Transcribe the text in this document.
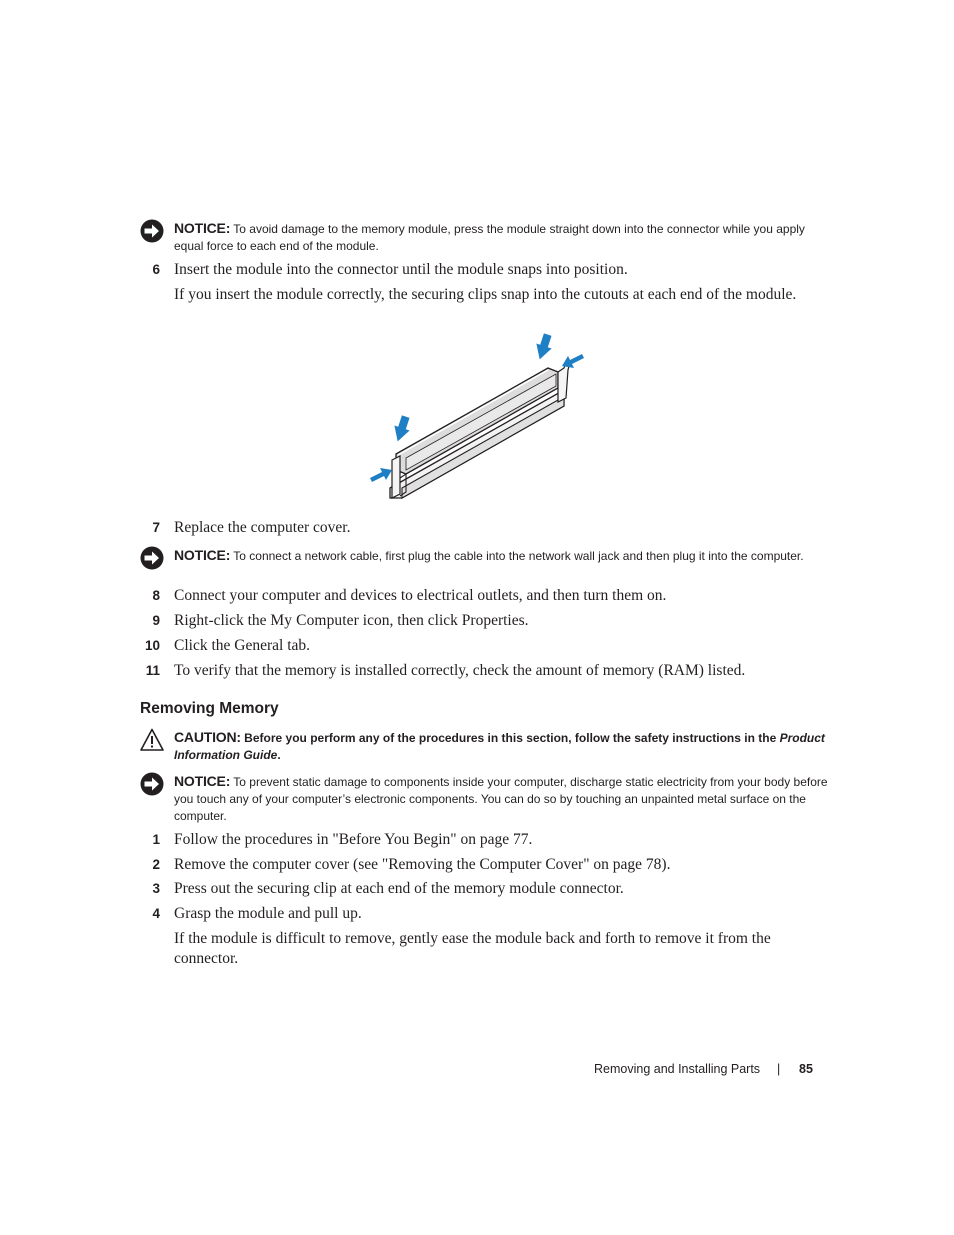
NOTICE: To avoid damage to the memory module, press the module straight down into the connector while you apply equal force to each end of the module.
6 Insert the module into the connector until the module snaps into position.
If you insert the module correctly, the securing clips snap into the cutouts at each end of the module.
7 Replace the computer cover.
NOTICE: To connect a network cable, first plug the cable into the network wall jack and then plug it into the computer.
8 Connect your computer and devices to electrical outlets, and then turn them on.
9 Right-click the My Computer icon, then click Properties.
10 Click the General tab.
11 To verify that the memory is installed correctly, check the amount of memory (RAM) listed.
Removing Memory
CAUTION: Before you perform any of the procedures in this section, follow the safety instructions in the Product Information Guide.
NOTICE: To prevent static damage to components inside your computer, discharge static electricity from your body before you touch any of your computer’s electronic components. You can do so by touching an unpainted metal surface on the computer.
1 Follow the procedures in "Before You Begin" on page 77.
2 Remove the computer cover (see "Removing the Computer Cover" on page 78).
3 Press out the securing clip at each end of the memory module connector.
4 Grasp the module and pull up.
If the module is difficult to remove, gently ease the module back and forth to remove it from the connector.
Removing and Installing Parts | 85
